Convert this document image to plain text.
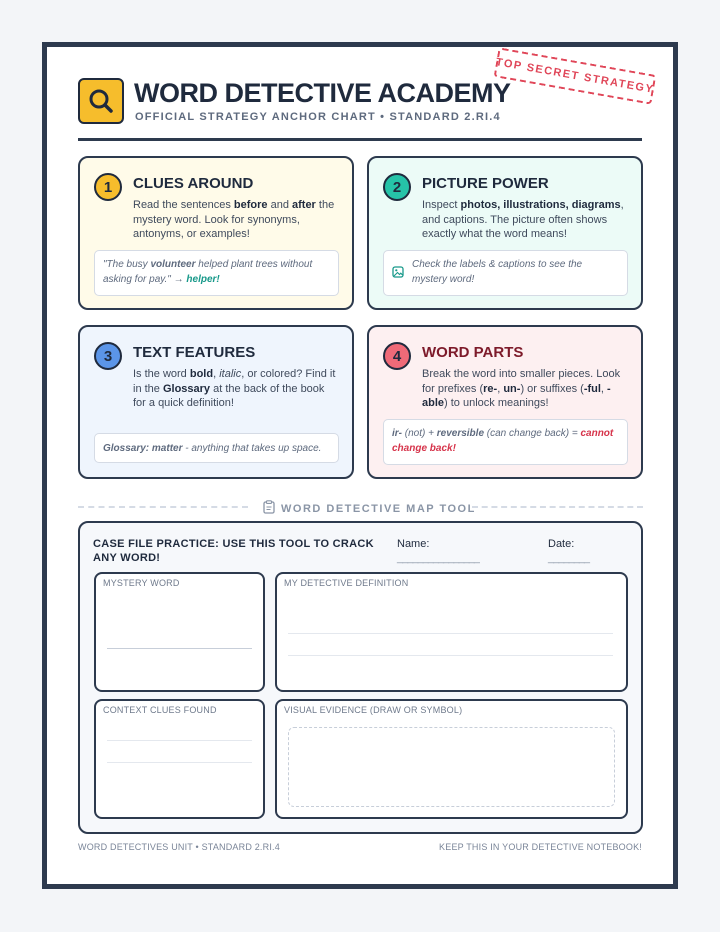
WORD DETECTIVE ACADEMY
OFFICIAL STRATEGY ANCHOR CHART • STANDARD 2.RI.4
TOP SECRET STRATEGY
1	CLUES AROUND
Read the sentences before and after the mystery word. Look for synonyms, antonyms, or examples!
"The busy volunteer helped plant trees without asking for pay." → helper!
2	PICTURE POWER
Inspect photos, illustrations, diagrams, and captions. The picture often shows exactly what the word means!
Check the labels & captions to see the mystery word!
3	TEXT FEATURES
Is the word bold, italic, or colored? Find it in the Glossary at the back of the book for a quick definition!
Glossary: matter - anything that takes up space.
4	WORD PARTS
Break the word into smaller pieces. Look for prefixes (re-, un-) or suffixes (-ful, -able) to unlock meanings!
ir- (not) + reversible (can change back) = cannot change back!
WORD DETECTIVE MAP TOOL
CASE FILE PRACTICE: USE THIS TOOL TO CRACK ANY WORD!
Name:
________________
Date:
________
MYSTERY WORD	MY DETECTIVE DEFINITION
CONTEXT CLUES FOUND	VISUAL EVIDENCE (DRAW OR SYMBOL)
WORD DETECTIVES UNIT • STANDARD 2.RI.4	KEEP THIS IN YOUR DETECTIVE NOTEBOOK!
